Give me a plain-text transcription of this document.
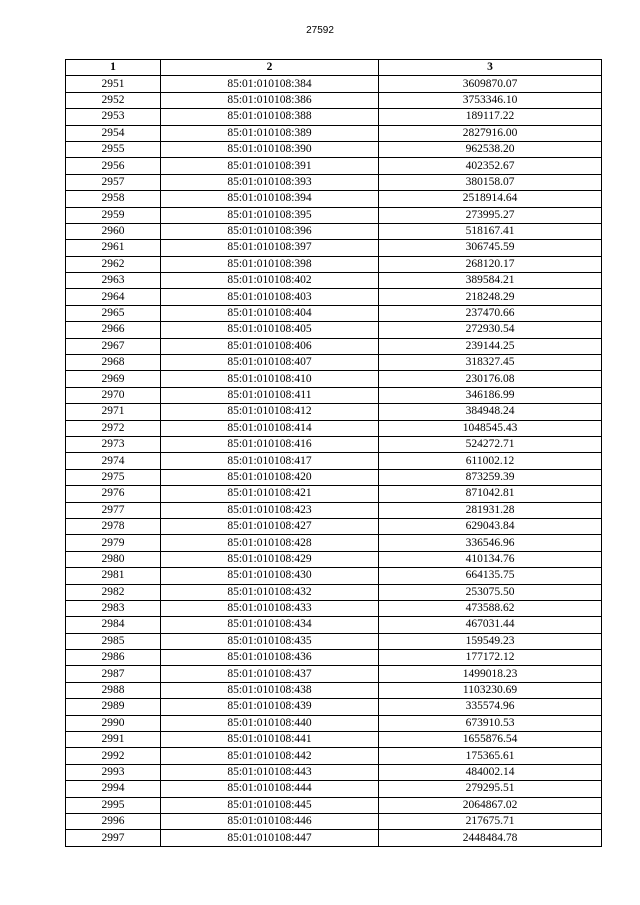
27592
1	2	3
2951	85:01:010108:384	3609870.07
2952	85:01:010108:386	3753346.10
2953	85:01:010108:388	189117.22
2954	85:01:010108:389	2827916.00
2955	85:01:010108:390	962538.20
2956	85:01:010108:391	402352.67
2957	85:01:010108:393	380158.07
2958	85:01:010108:394	2518914.64
2959	85:01:010108:395	273995.27
2960	85:01:010108:396	518167.41
2961	85:01:010108:397	306745.59
2962	85:01:010108:398	268120.17
2963	85:01:010108:402	389584.21
2964	85:01:010108:403	218248.29
2965	85:01:010108:404	237470.66
2966	85:01:010108:405	272930.54
2967	85:01:010108:406	239144.25
2968	85:01:010108:407	318327.45
2969	85:01:010108:410	230176.08
2970	85:01:010108:411	346186.99
2971	85:01:010108:412	384948.24
2972	85:01:010108:414	1048545.43
2973	85:01:010108:416	524272.71
2974	85:01:010108:417	611002.12
2975	85:01:010108:420	873259.39
2976	85:01:010108:421	871042.81
2977	85:01:010108:423	281931.28
2978	85:01:010108:427	629043.84
2979	85:01:010108:428	336546.96
2980	85:01:010108:429	410134.76
2981	85:01:010108:430	664135.75
2982	85:01:010108:432	253075.50
2983	85:01:010108:433	473588.62
2984	85:01:010108:434	467031.44
2985	85:01:010108:435	159549.23
2986	85:01:010108:436	177172.12
2987	85:01:010108:437	1499018.23
2988	85:01:010108:438	1103230.69
2989	85:01:010108:439	335574.96
2990	85:01:010108:440	673910.53
2991	85:01:010108:441	1655876.54
2992	85:01:010108:442	175365.61
2993	85:01:010108:443	484002.14
2994	85:01:010108:444	279295.51
2995	85:01:010108:445	2064867.02
2996	85:01:010108:446	217675.71
2997	85:01:010108:447	2448484.78
